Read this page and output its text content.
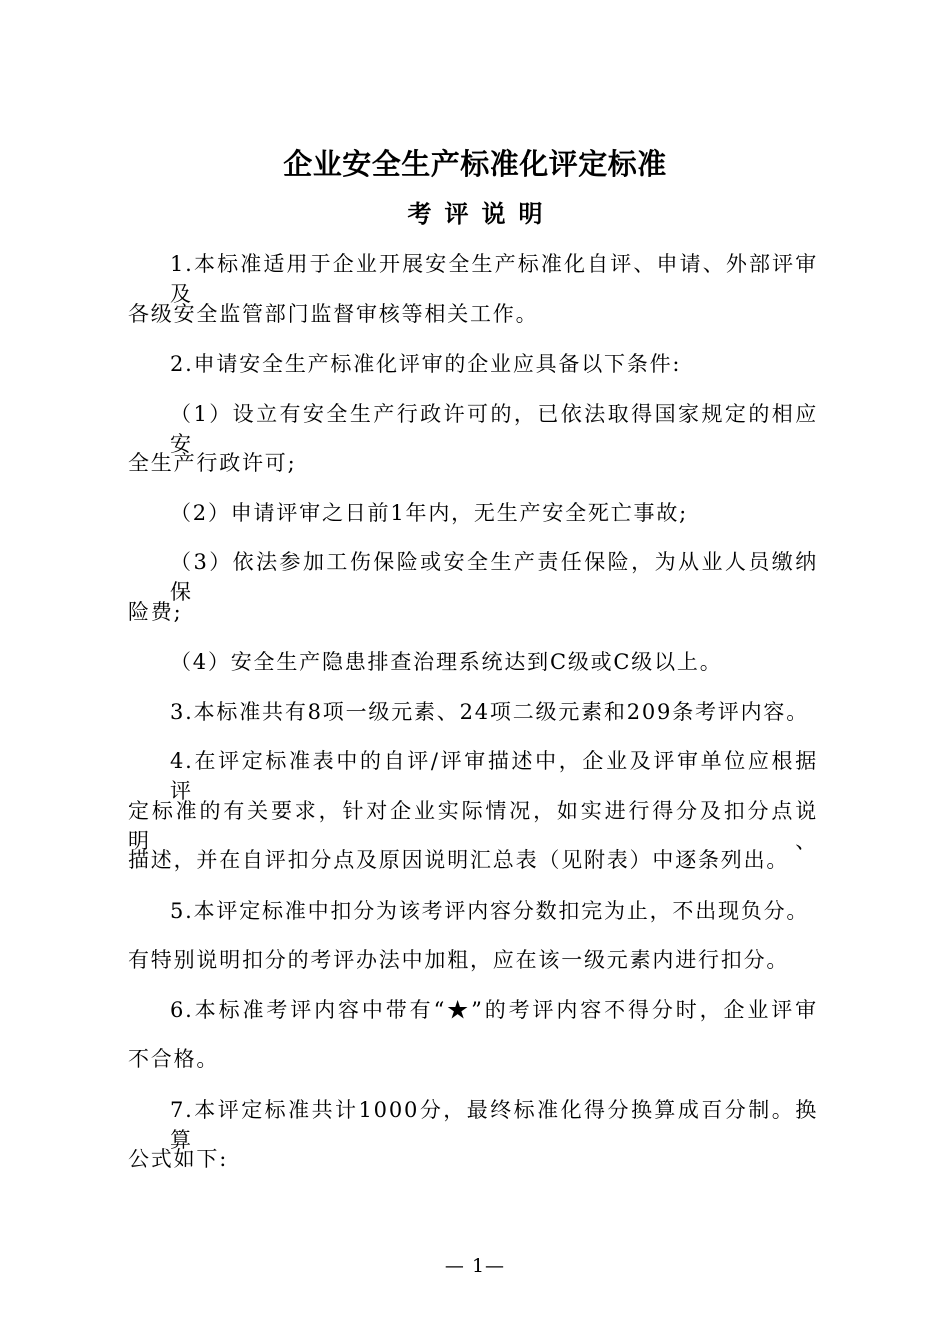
企业安全生产标准化评定标准
考评说明
1.本标准适用于企业开展安全生产标准化自评、申请、外部评审及
各级安全监管部门监督审核等相关工作。
2.申请安全生产标准化评审的企业应具备以下条件:
（1）设立有安全生产行政许可的，已依法取得国家规定的相应安
全生产行政许可;
（2）申请评审之日前1年内，无生产安全死亡事故;
（3）依法参加工伤保险或安全生产责任保险，为从业人员缴纳保
险费;
（4）安全生产隐患排查治理系统达到C级或C级以上。
3.本标准共有8项一级元素、24项二级元素和209条考评内容。
4.在评定标准表中的自评/评审描述中，企业及评审单位应根据评
定标准的有关要求，针对企业实际情况，如实进行得分及扣分点说明、
描述，并在自评扣分点及原因说明汇总表（见附表）中逐条列出。
5.本评定标准中扣分为该考评内容分数扣完为止，不出现负分。
有特别说明扣分的考评办法中加粗，应在该一级元素内进行扣分。
6.本标准考评内容中带有“★”的考评内容不得分时，企业评审
不合格。
7.本评定标准共计1000分，最终标准化得分换算成百分制。换算
公式如下:
— 1—
